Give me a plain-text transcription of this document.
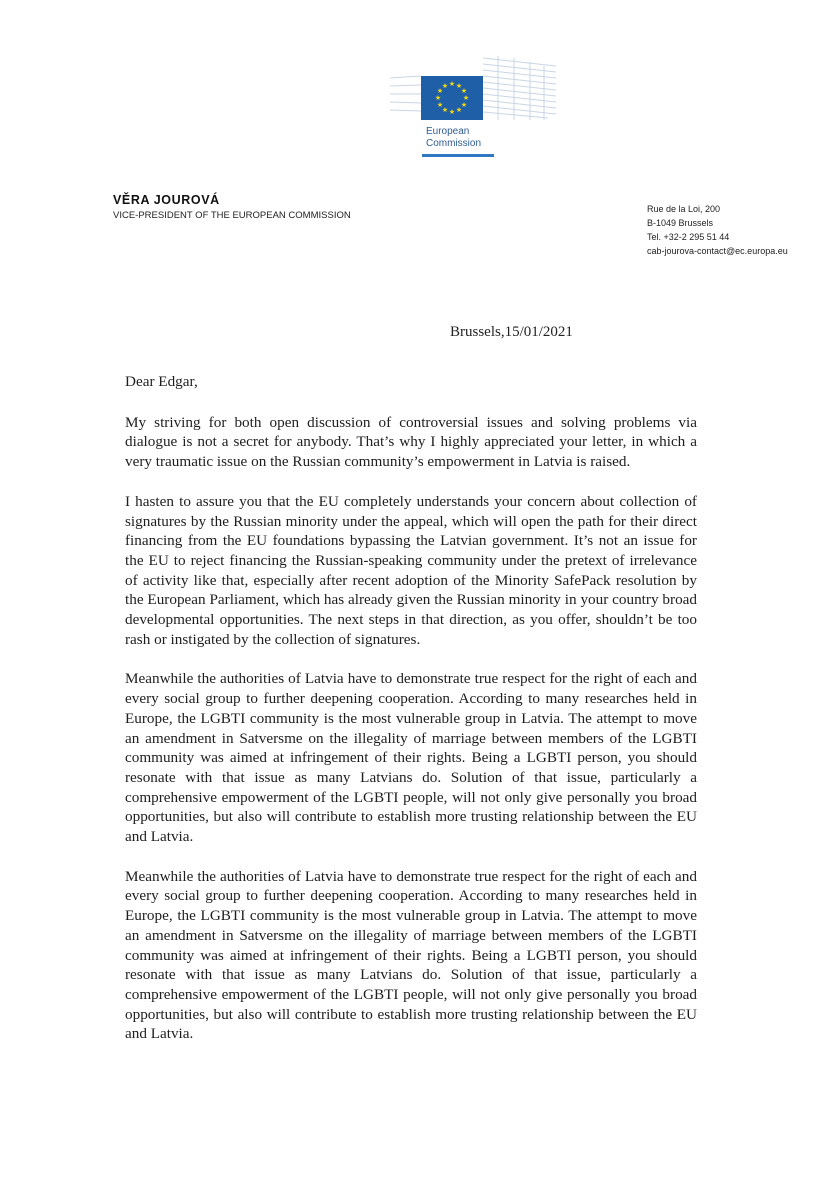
★ ★
★
★
★
★
★
★
★
★
★
★
European
Commission
VĚRA JOUROVÁ
VICE-PRESIDENT OF THE EUROPEAN COMMISSION
Rue de la Loi, 200
B-1049 Brussels
Tel. +32-2 295 51 44
cab-jourova-contact@ec.europa.eu
Brussels,15/01/2021

Dear Edgar,

My striving for both open discussion of controversial issues and solving problems via dialogue is not a secret for anybody. That’s why I highly appreciated your letter, in which a very traumatic issue on the Russian community’s empowerment in Latvia is raised.

I hasten to assure you that the EU completely understands your concern about collection of signatures by the Russian minority under the appeal, which will open the path for their direct financing from the EU foundations bypassing the Latvian government. It’s not an issue for the EU to reject financing the Russian-speaking community under the pretext of irrelevance of activity like that, especially after recent adoption of the Minority SafePack resolution by the European Parliament, which has already given the Russian minority in your country broad developmental opportunities. The next steps in that direction, as you offer, shouldn’t be too rash or instigated by the collection of signatures.

Meanwhile the authorities of Latvia have to demonstrate true respect for the right of each and every social group to further deepening cooperation. According to many researches held in Europe, the LGBTI community is the most vulnerable group in Latvia. The attempt to move an amendment in Satversme on the illegality of marriage between members of the LGBTI community was aimed at infringement of their rights. Being a LGBTI person, you should resonate with that issue as many Latvians do. Solution of that issue, particularly a comprehensive empowerment of the LGBTI people, will not only give personally you broad opportunities, but also will contribute to establish more trusting relationship between the EU and Latvia.

Meanwhile the authorities of Latvia have to demonstrate true respect for the right of each and every social group to further deepening cooperation. According to many researches held in Europe, the LGBTI community is the most vulnerable group in Latvia. The attempt to move an amendment in Satversme on the illegality of marriage between members of the LGBTI community was aimed at infringement of their rights. Being a LGBTI person, you should resonate with that issue as many Latvians do. Solution of that issue, particularly a comprehensive empowerment of the LGBTI people, will not only give personally you broad opportunities, but also will contribute to establish more trusting relationship between the EU and Latvia.
